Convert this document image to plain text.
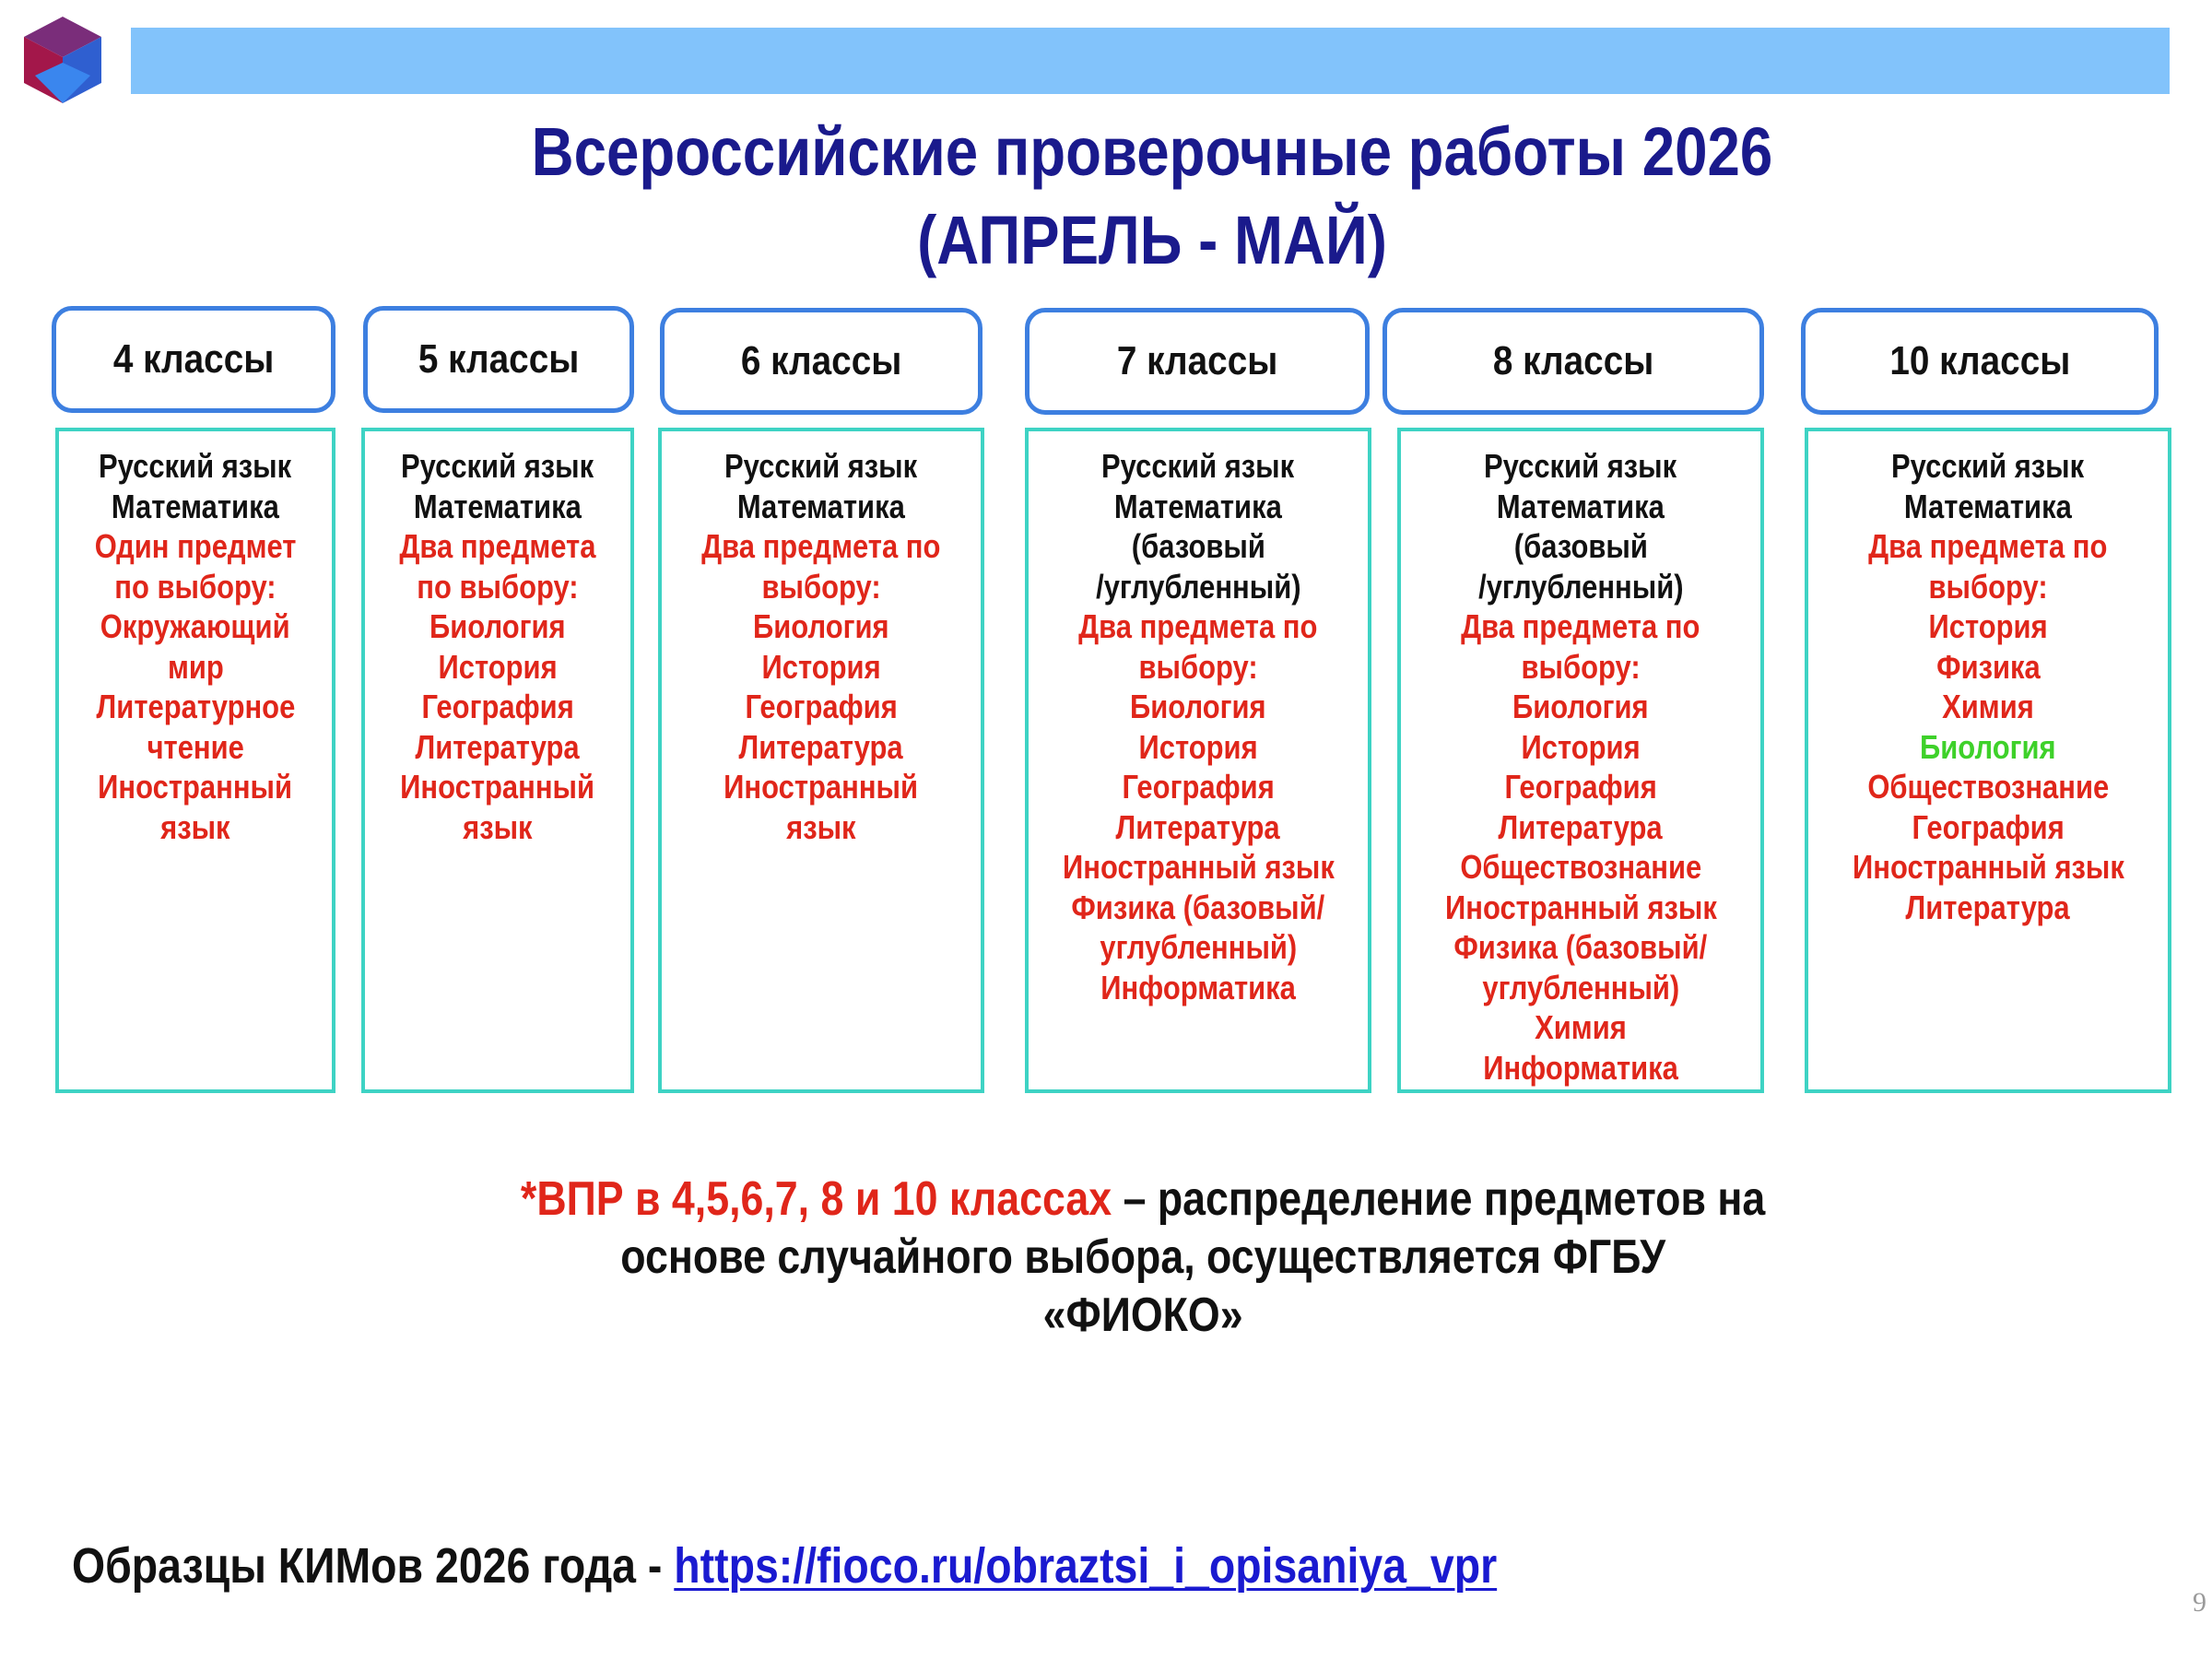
Всероссийские проверочные работы 2026
(АПРЕЛЬ - МАЙ)
4 классы
Русский язык
Математика
Один предмет
по выбору:
Окружающий
мир
Литературное
чтение
Иностранный
язык
5 классы
Русский язык
Математика
Два предмета
по выбору:
Биология
История
География
Литература
Иностранный
язык
6 классы
Русский язык
Математика
Два предмета по
выбору:
Биология
История
География
Литература
Иностранный
язык
7 классы
Русский язык
Математика
(базовый
/углубленный)
Два предмета по
выбору:
Биология
История
География
Литература
Иностранный язык
Физика (базовый/
углубленный)
Информатика
8 классы
Русский язык
Математика
(базовый
/углубленный)
Два предмета по
выбору:
Биология
История
География
Литература
Обществознание
Иностранный язык
Физика (базовый/
углубленный)
Химия
Информатика
10 классы
Русский язык
Математика
Два предмета по
выбору:
История
Физика
Химия
Биология
Обществознание
География
Иностранный язык
Литература
*ВПР в 4,5,6,7, 8 и 10 классах – распределение предметов на
основе случайного выбора, осуществляется ФГБУ
«ФИОКО»
Образцы КИМов 2026 года - https://fioco.ru/obraztsi_i_opisaniya_vpr
9
